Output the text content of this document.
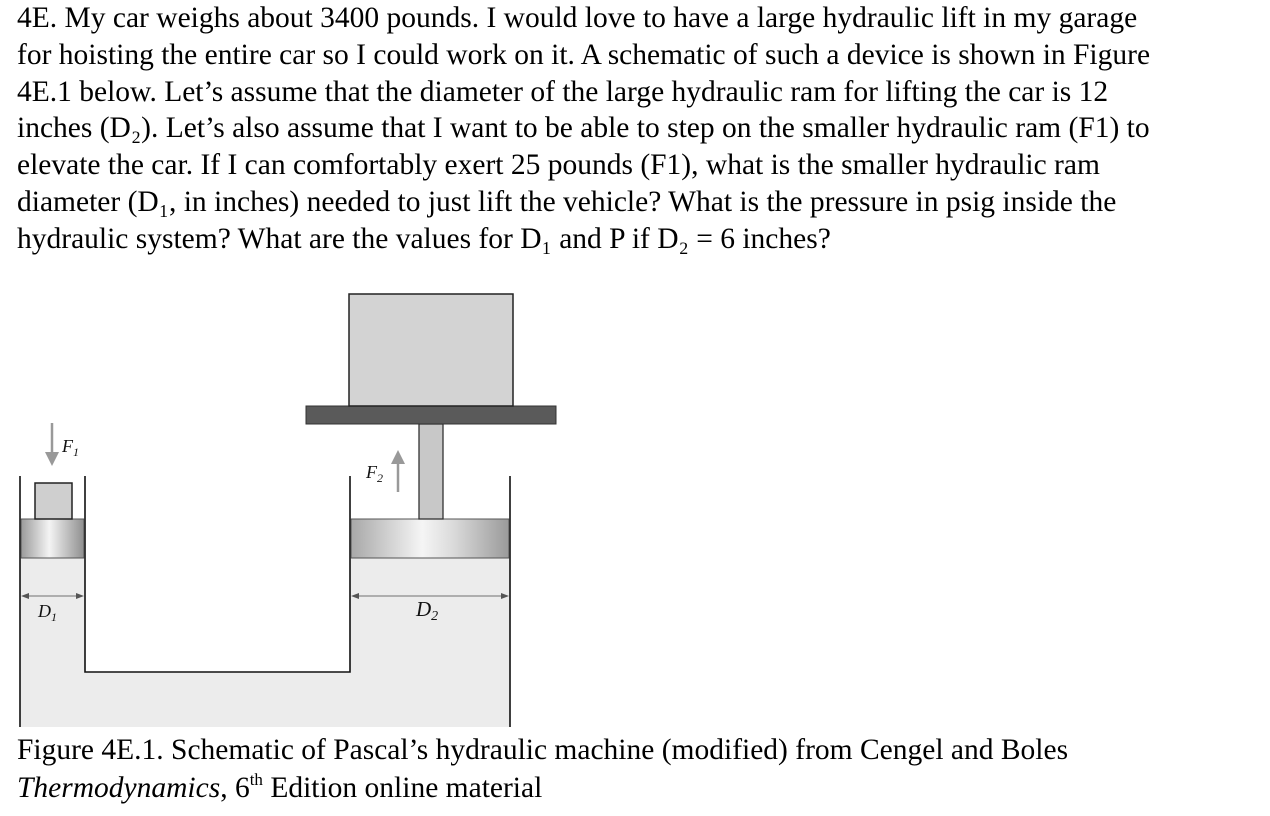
4E. My car weighs about 3400 pounds. I would love to have a large hydraulic lift in my garage

for hoisting the entire car so I could work on it. A schematic of such a device is shown in Figure

4E.1 below. Let’s assume that the diameter of the large hydraulic ram for lifting the car is 12

inches (D₂). Let’s also assume that I want to be able to step on the smaller hydraulic ram (F1) to

elevate the car. If I can comfortably exert 25 pounds (F1), what is the smaller hydraulic ram

diameter (D₁, in inches) needed to just lift the vehicle? What is the pressure in psig inside the

hydraulic system? What are the values for D₁ and P if D₂ = 6 inches?

$F_1$
$F_2$
$D_1$	D2

Figure 4E.1. Schematic of Pascal’s hydraulic machine (modified) from Cengel and Boles

Thermodynamics, 6th Edition online material
